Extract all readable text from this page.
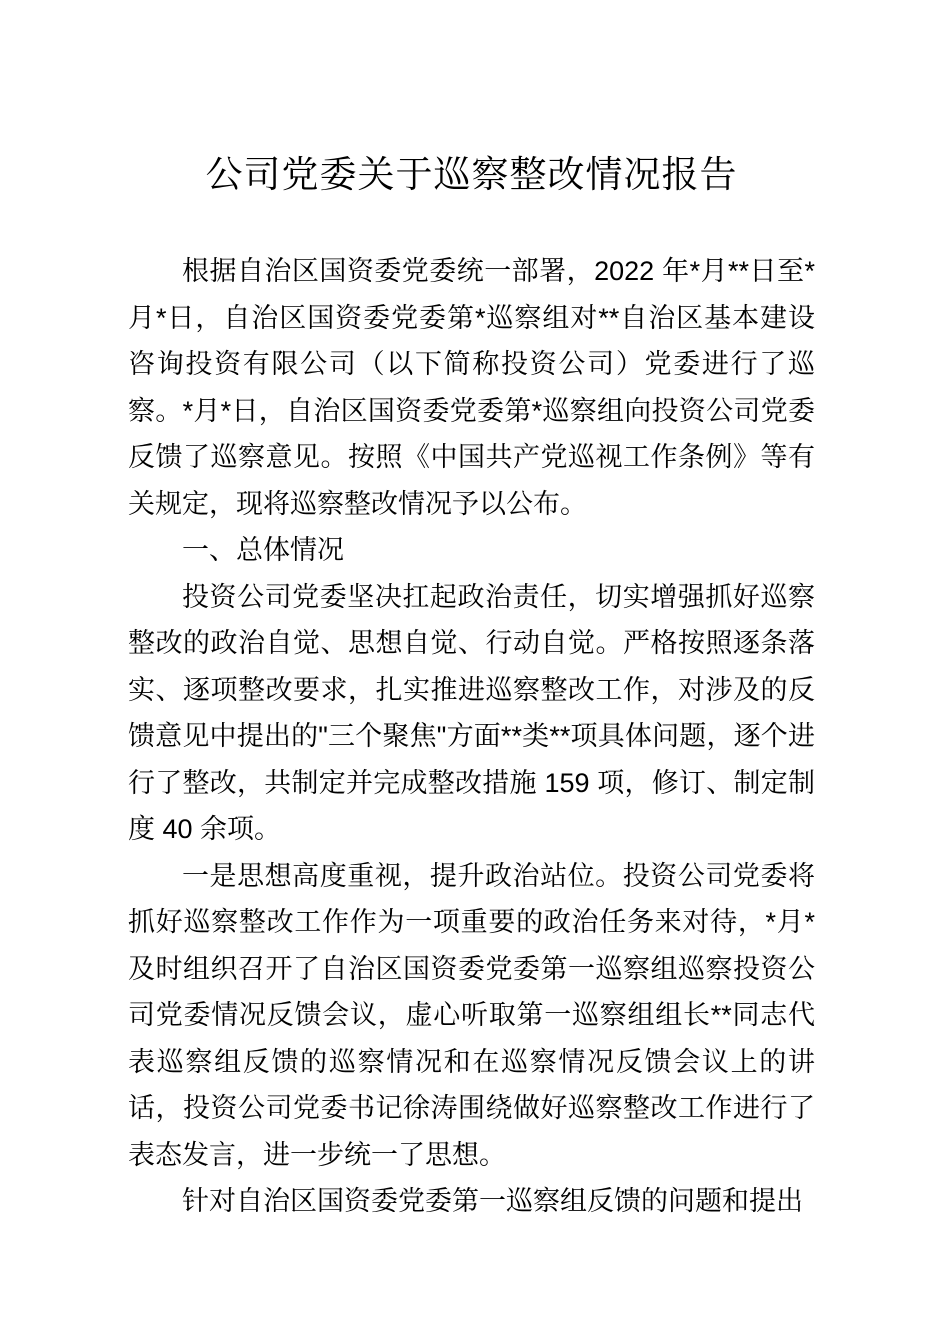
公司党委关于巡察整改情况报告

根据自治区国资委党委统一部署，2022 年*月**日至*月*日，自治区国资委党委第*巡察组对**自治区基本建设咨询投资有限公司（以下简称投资公司）党委进行了巡察。*月*日，自治区国资委党委第*巡察组向投资公司党委反馈了巡察意见。按照《中国共产党巡视工作条例》等有关规定，现将巡察整改情况予以公布。

一、总体情况

投资公司党委坚决扛起政治责任，切实增强抓好巡察整改的政治自觉、思想自觉、行动自觉。严格按照逐条落实、逐项整改要求，扎实推进巡察整改工作，对涉及的反馈意见中提出的"三个聚焦"方面**类**项具体问题，逐个进行了整改，共制定并完成整改措施 159 项，修订、制定制度 40 余项。

一是思想高度重视，提升政治站位。投资公司党委将抓好巡察整改工作作为一项重要的政治任务来对待，*月*及时组织召开了自治区国资委党委第一巡察组巡察投资公司党委情况反馈会议，虚心听取第一巡察组组长**同志代表巡察组反馈的巡察情况和在巡察情况反馈会议上的讲话，投资公司党委书记徐涛围绕做好巡察整改工作进行了表态发言，进一步统一了思想。

针对自治区国资委党委第一巡察组反馈的问题和提出
